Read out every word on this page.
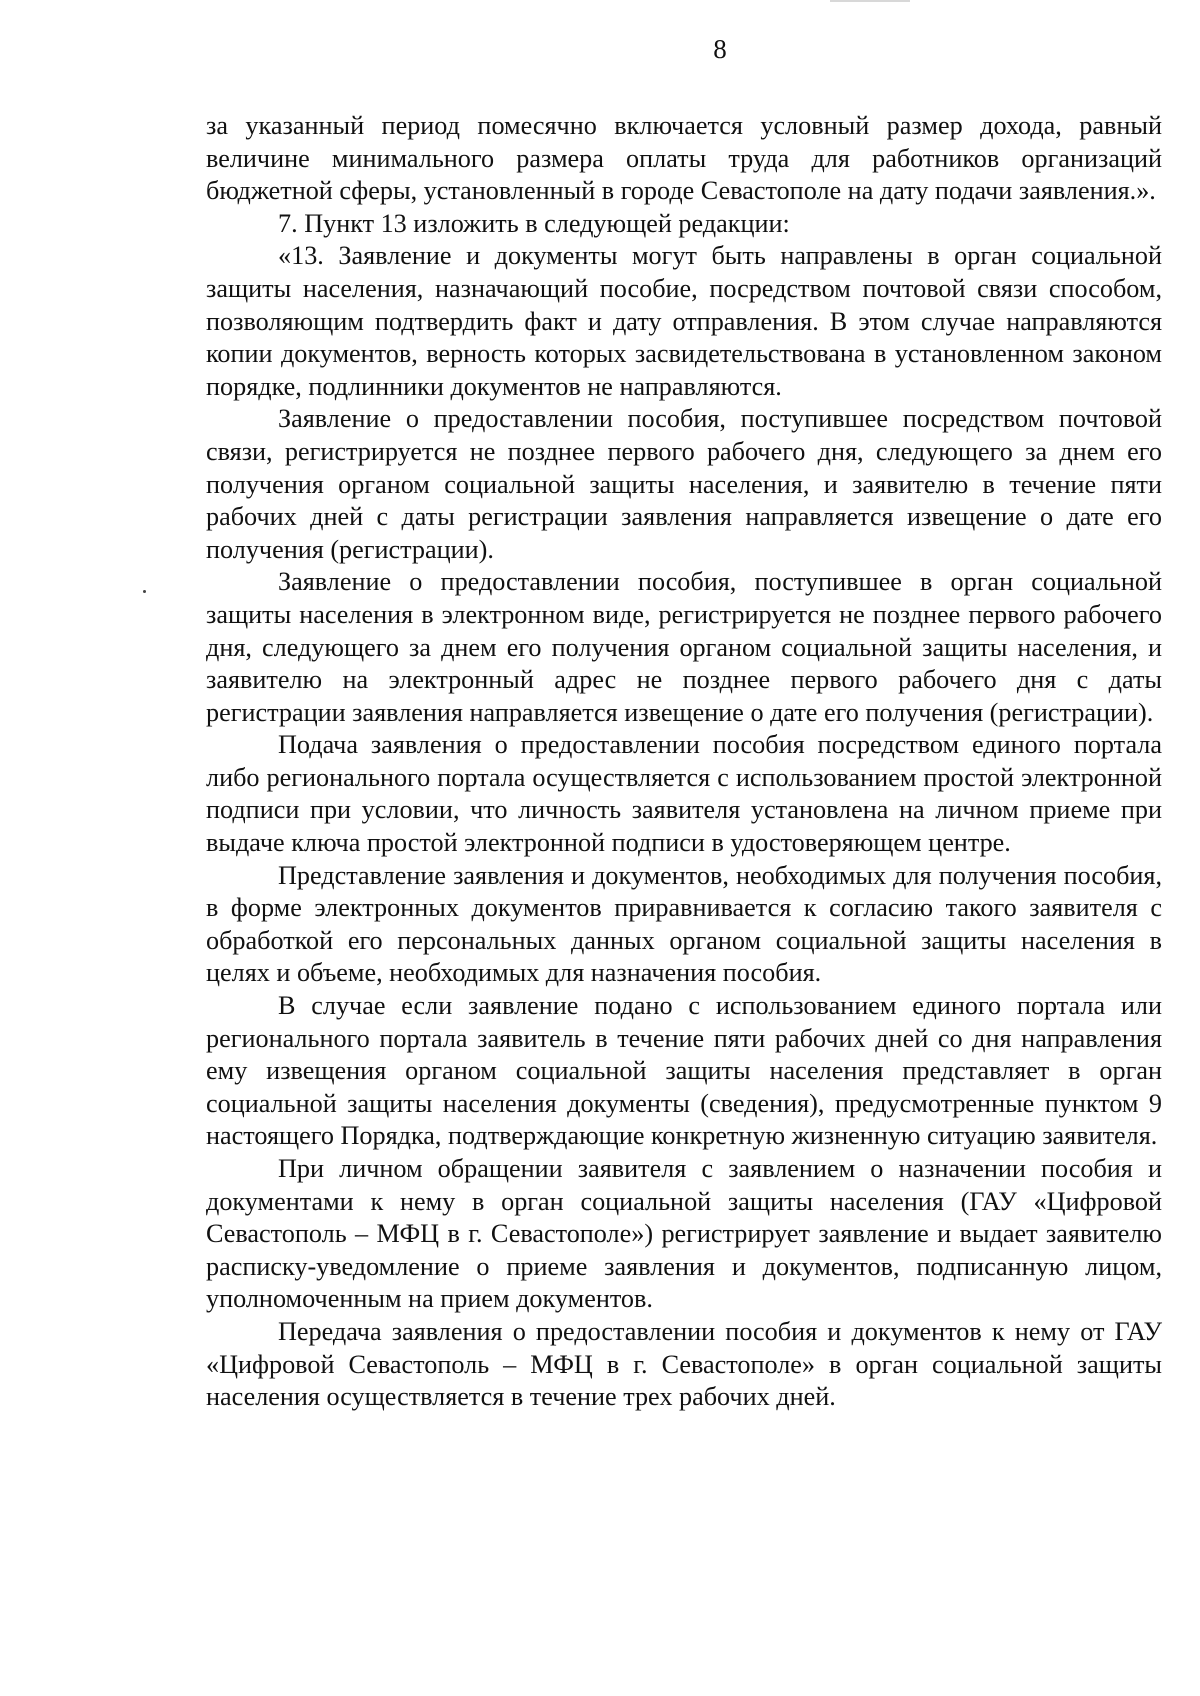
8

за указанный период помесячно включается условный размер дохода, равный величине минимального размера оплаты труда для работников организаций бюджетной сферы, установленный в городе Севастополе на дату подачи заявления.».

7. Пункт 13 изложить в следующей редакции:

«13. Заявление и документы могут быть направлены в орган социальной защиты населения, назначающий пособие, посредством почтовой связи способом, позволяющим подтвердить факт и дату отправления. В этом случае направляются копии документов, верность которых засвидетельствована в установленном законом порядке, подлинники документов не направляются.

Заявление о предоставлении пособия, поступившее посредством почтовой связи, регистрируется не позднее первого рабочего дня, следующего за днем его получения органом социальной защиты населения, и заявителю в течение пяти рабочих дней с даты регистрации заявления направляется извещение о дате его получения (регистрации).

Заявление о предоставлении пособия, поступившее в орган социальной защиты населения в электронном виде, регистрируется не позднее первого рабочего дня, следующего за днем его получения органом социальной защиты населения, и заявителю на электронный адрес не позднее первого рабочего дня с даты регистрации заявления направляется извещение о дате его получения (регистрации).

Подача заявления о предоставлении пособия посредством единого портала либо регионального портала осуществляется с использованием простой электронной подписи при условии, что личность заявителя установлена на личном приеме при выдаче ключа простой электронной подписи в удостоверяющем центре.

Представление заявления и документов, необходимых для получения пособия, в форме электронных документов приравнивается к согласию такого заявителя с обработкой его персональных данных органом социальной защиты населения в целях и объеме, необходимых для назначения пособия.

В случае если заявление подано с использованием единого портала или регионального портала заявитель в течение пяти рабочих дней со дня направления ему извещения органом социальной защиты населения представляет в орган социальной защиты населения документы (сведения), предусмотренные пунктом 9 настоящего Порядка, подтверждающие конкретную жизненную ситуацию заявителя.

При личном обращении заявителя с заявлением о назначении пособия и документами к нему в орган социальной защиты населения (ГАУ «Цифровой Севастополь – МФЦ в г. Севастополе») регистрирует заявление и выдает заявителю расписку-уведомление о приеме заявления и документов, подписанную лицом, уполномоченным на прием документов.

Передача заявления о предоставлении пособия и документов к нему от ГАУ «Цифровой Севастополь – МФЦ в г. Севастополе» в орган социальной защиты населения осуществляется в течение трех рабочих дней.
